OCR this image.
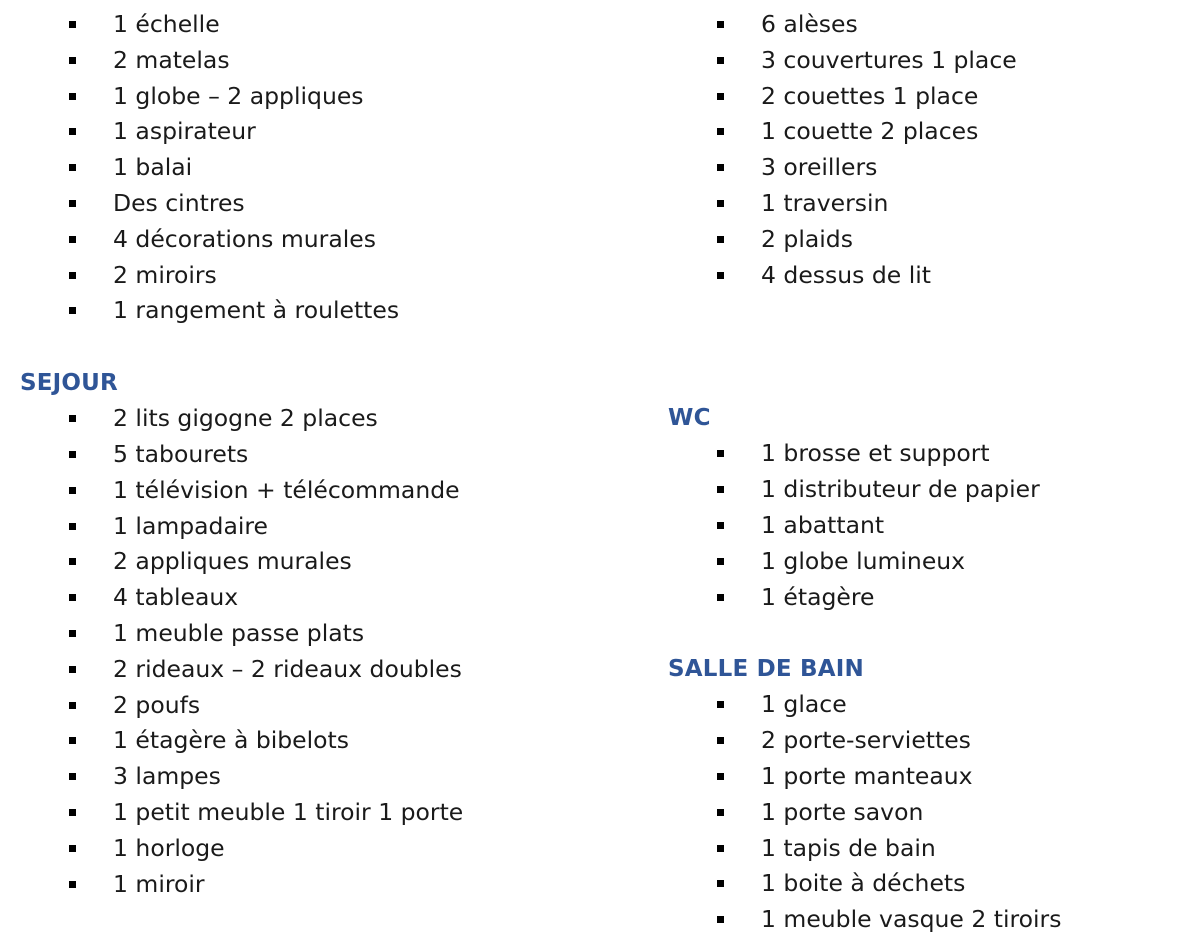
1 échelle
2 matelas
1 globe – 2 appliques
1 aspirateur
1 balai
Des cintres
4 décorations murales
2 miroirs
1 rangement à roulettes
SEJOUR
2 lits gigogne 2 places
5 tabourets
1 télévision + télécommande
1 lampadaire
2 appliques murales
4 tableaux
1 meuble passe plats
2 rideaux – 2 rideaux doubles
2 poufs
1 étagère à bibelots
3 lampes
1 petit meuble 1 tiroir 1 porte
1 horloge
1 miroir
6 alèses
3 couvertures 1 place
2 couettes 1 place
1 couette 2 places
3 oreillers
1 traversin
2 plaids
4 dessus de lit
WC
1 brosse et support
1 distributeur de papier
1 abattant
1 globe lumineux
1 étagère
SALLE DE BAIN
1 glace
2 porte-serviettes
1 porte manteaux
1 porte savon
1 tapis de bain
1 boite à déchets
1 meuble vasque 2 tiroirs
